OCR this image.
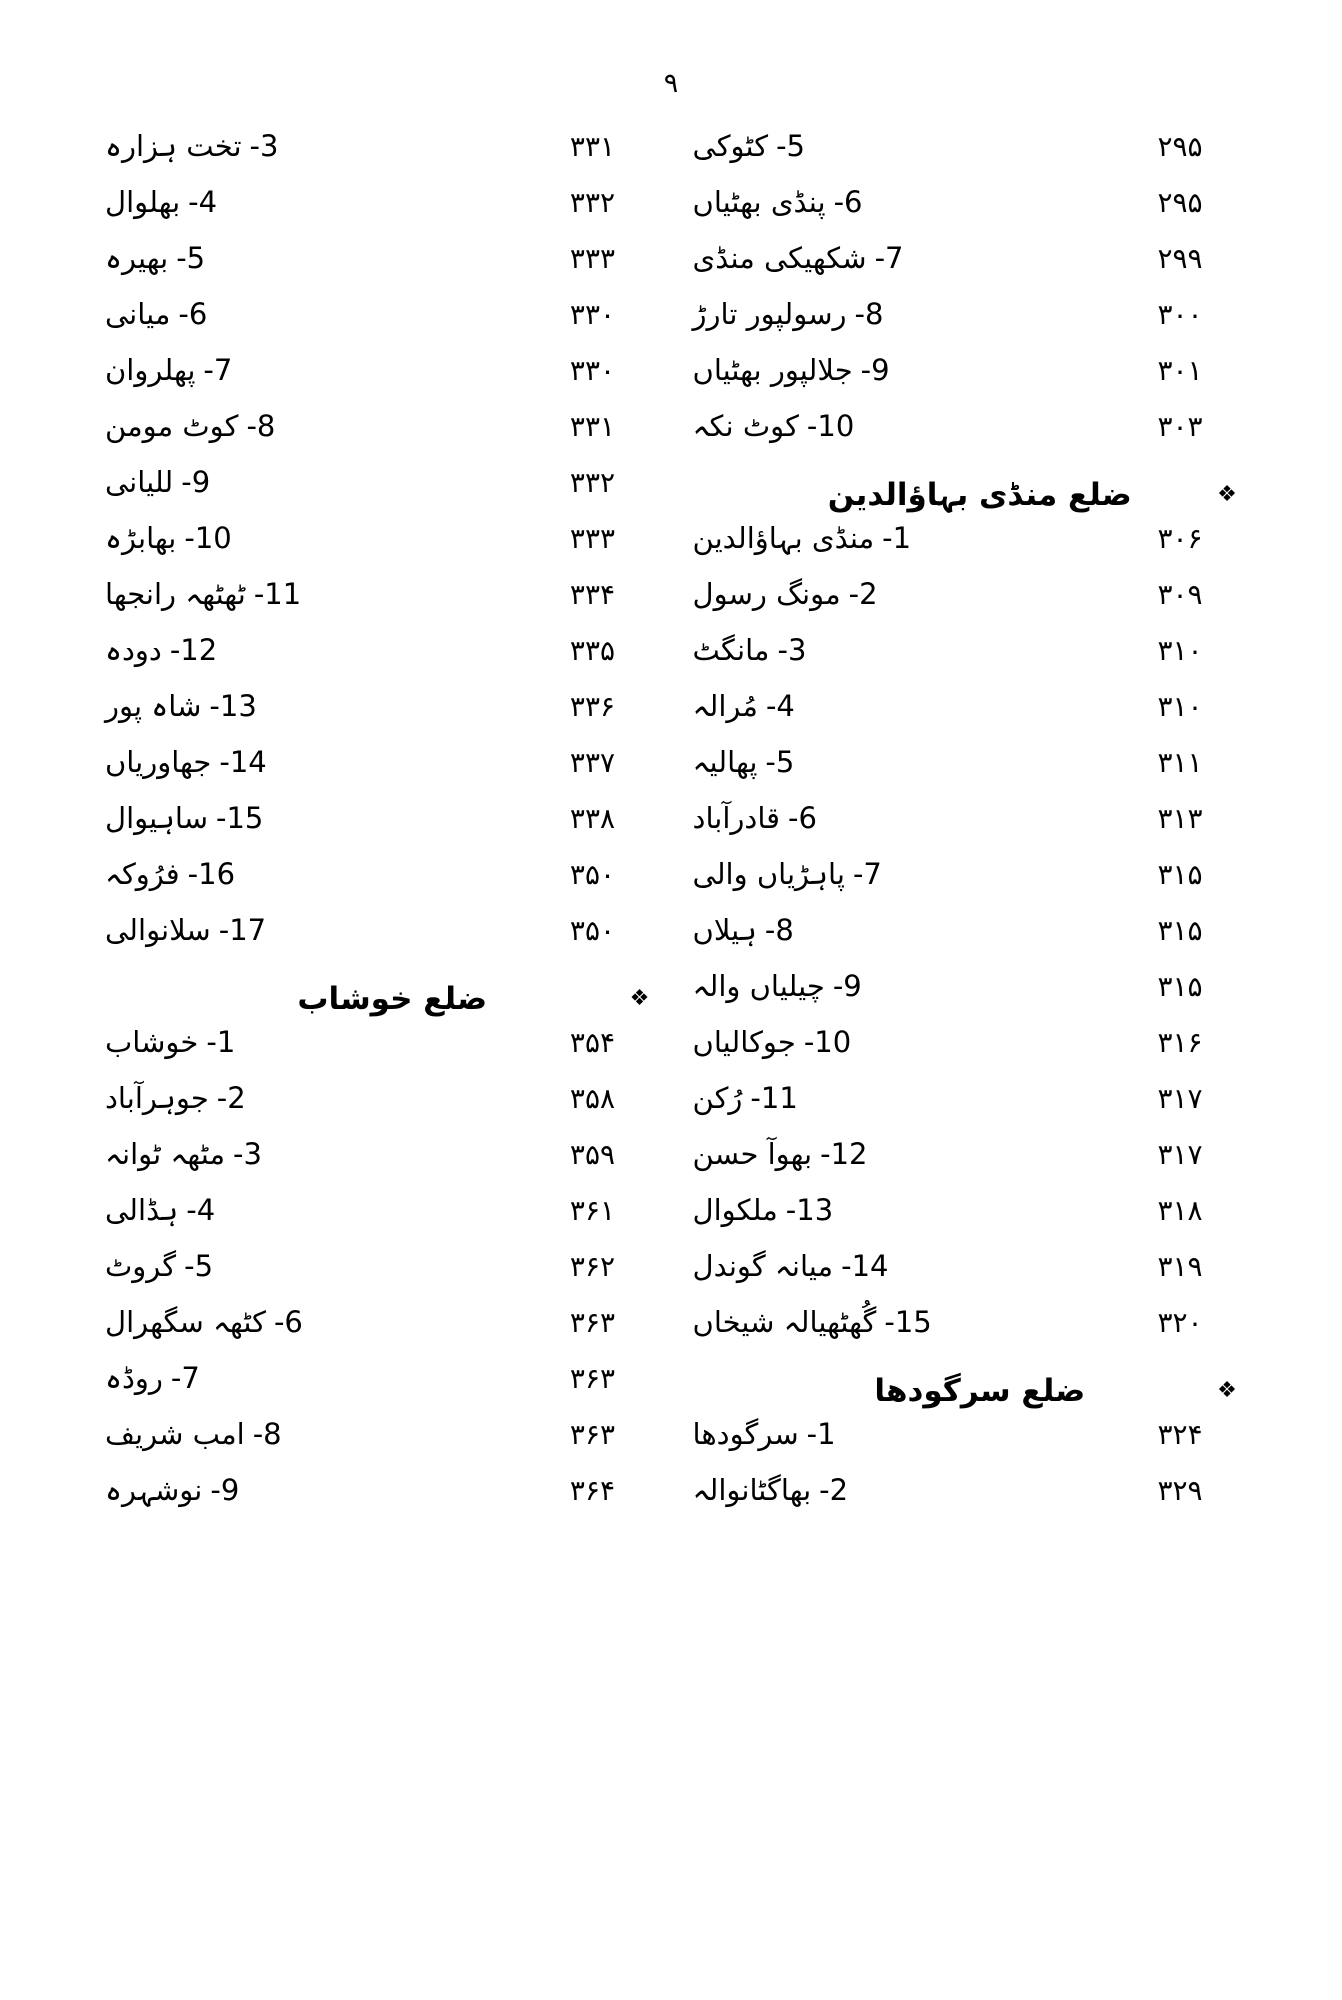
۹
۲۹۵
5-کٹوکی
۲۹۵
6-پنڈی بھٹیاں
۲۹۹
7-شکھیکی منڈی
۳۰۰
8-رسولپور تارڑ
۳۰۱
9-جلالپور بھٹیاں
۳۰۳
10-کوٹ نکہ
❖
ضلع منڈی بہاؤالدین
۳۰۶
1-منڈی بہاؤالدین
۳۰۹
2-مونگ رسول
۳۱۰
3-مانگٹ
۳۱۰
4-مُرالہ
۳۱۱
5-پھالیہ
۳۱۳
6-قادرآباد
۳۱۵
7-پاہڑیاں والی
۳۱۵
8-ہیلاں
۳۱۵
9-چیلیاں والہ
۳۱۶
10-جوکالیاں
۳۱۷
11-رُکن
۳۱۷
12-بھوآ حسن
۳۱۸
13-ملکوال
۳۱۹
14-میانہ گوندل
۳۲۰
15-گُھٹھیالہ شیخاں
❖
ضلع سرگودھا
۳۲۴
1-سرگودھا
۳۲۹
2-بھاگٹانوالہ
۳۳۱
3-تخت ہزارہ
۳۳۲
4-بھلوال
۳۳۳
5-بھیرہ
۳۳۰
6-میانی
۳۳۰
7-پھلروان
۳۳۱
8-کوٹ مومن
۳۳۲
9-للیانی
۳۳۳
10-بھابڑہ
۳۳۴
11-ٹھٹھہ رانجھا
۳۳۵
12-دودہ
۳۳۶
13-شاہ پور
۳۳۷
14-جھاوریاں
۳۳۸
15-ساہیوال
۳۵۰
16-فرُوکہ
۳۵۰
17-سلانوالی
❖
ضلع خوشاب
۳۵۴
1-خوشاب
۳۵۸
2-جوہرآباد
۳۵۹
3-مٹھہ ٹوانہ
۳۶۱
4-ہڈالی
۳۶۲
5-گروٹ
۳۶۳
6-کٹھہ سگھرال
۳۶۳
7-روڈہ
۳۶۳
8-امب شریف
۳۶۴
9-نوشہرہ
